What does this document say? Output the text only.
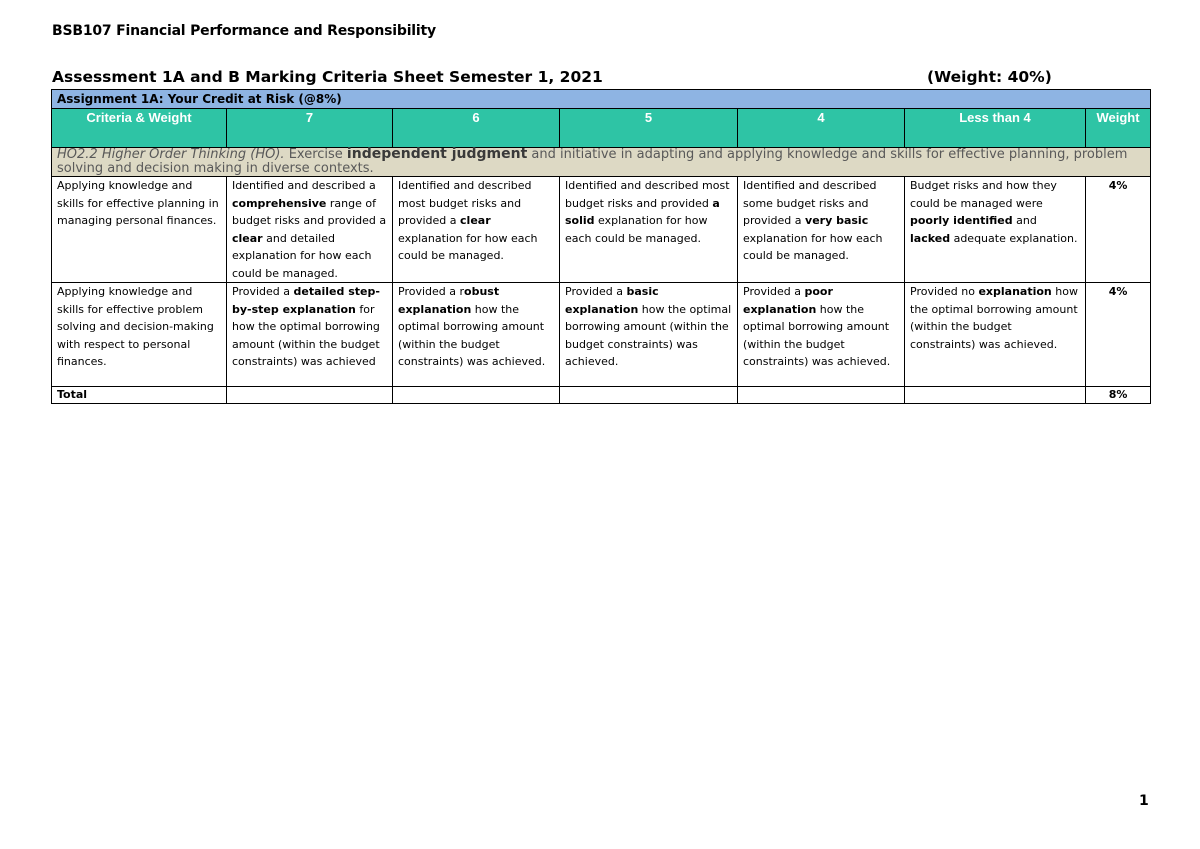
BSB107 Financial Performance and Responsibility
Assessment 1A and B Marking Criteria Sheet Semester 1, 2021	(Weight: 40%)
Assignment 1A: Your Credit at Risk (@8%)						
Criteria & Weight	7	6	5	4	Less than 4	Weight
HO2.2 Higher Order Thinking (HO). Exercise independent judgment and initiative in adapting and applying knowledge and skills for effective planning, problem solving and decision making in diverse contexts.						
Applying knowledge and skills for effective planning in managing personal finances.	Identified and described a comprehensive range of budget risks and provided a clear and detailed explanation for how each could be managed.	Identified and described most budget risks and provided a clear explanation for how each could be managed.	Identified and described most budget risks and provided a solid explanation for how each could be managed.	Identified and described some budget risks and provided a very basic explanation for how each could be managed.	Budget risks and how they could be managed were poorly identified and lacked adequate explanation.	4%
Applying knowledge and skills for effective problem solving and decision-making with respect to personal finances.	Provided a detailed step-by-step explanation for how the optimal borrowing amount (within the budget constraints) was achieved	Provided a robust explanation how the optimal borrowing amount (within the budget constraints) was achieved.	Provided a basic explanation how the optimal borrowing amount (within the budget constraints) was achieved.	Provided a poor explanation how the optimal borrowing amount (within the budget constraints) was achieved.	Provided no explanation how the optimal borrowing amount (within the budget constraints) was achieved.	4%
Total						8%
1
